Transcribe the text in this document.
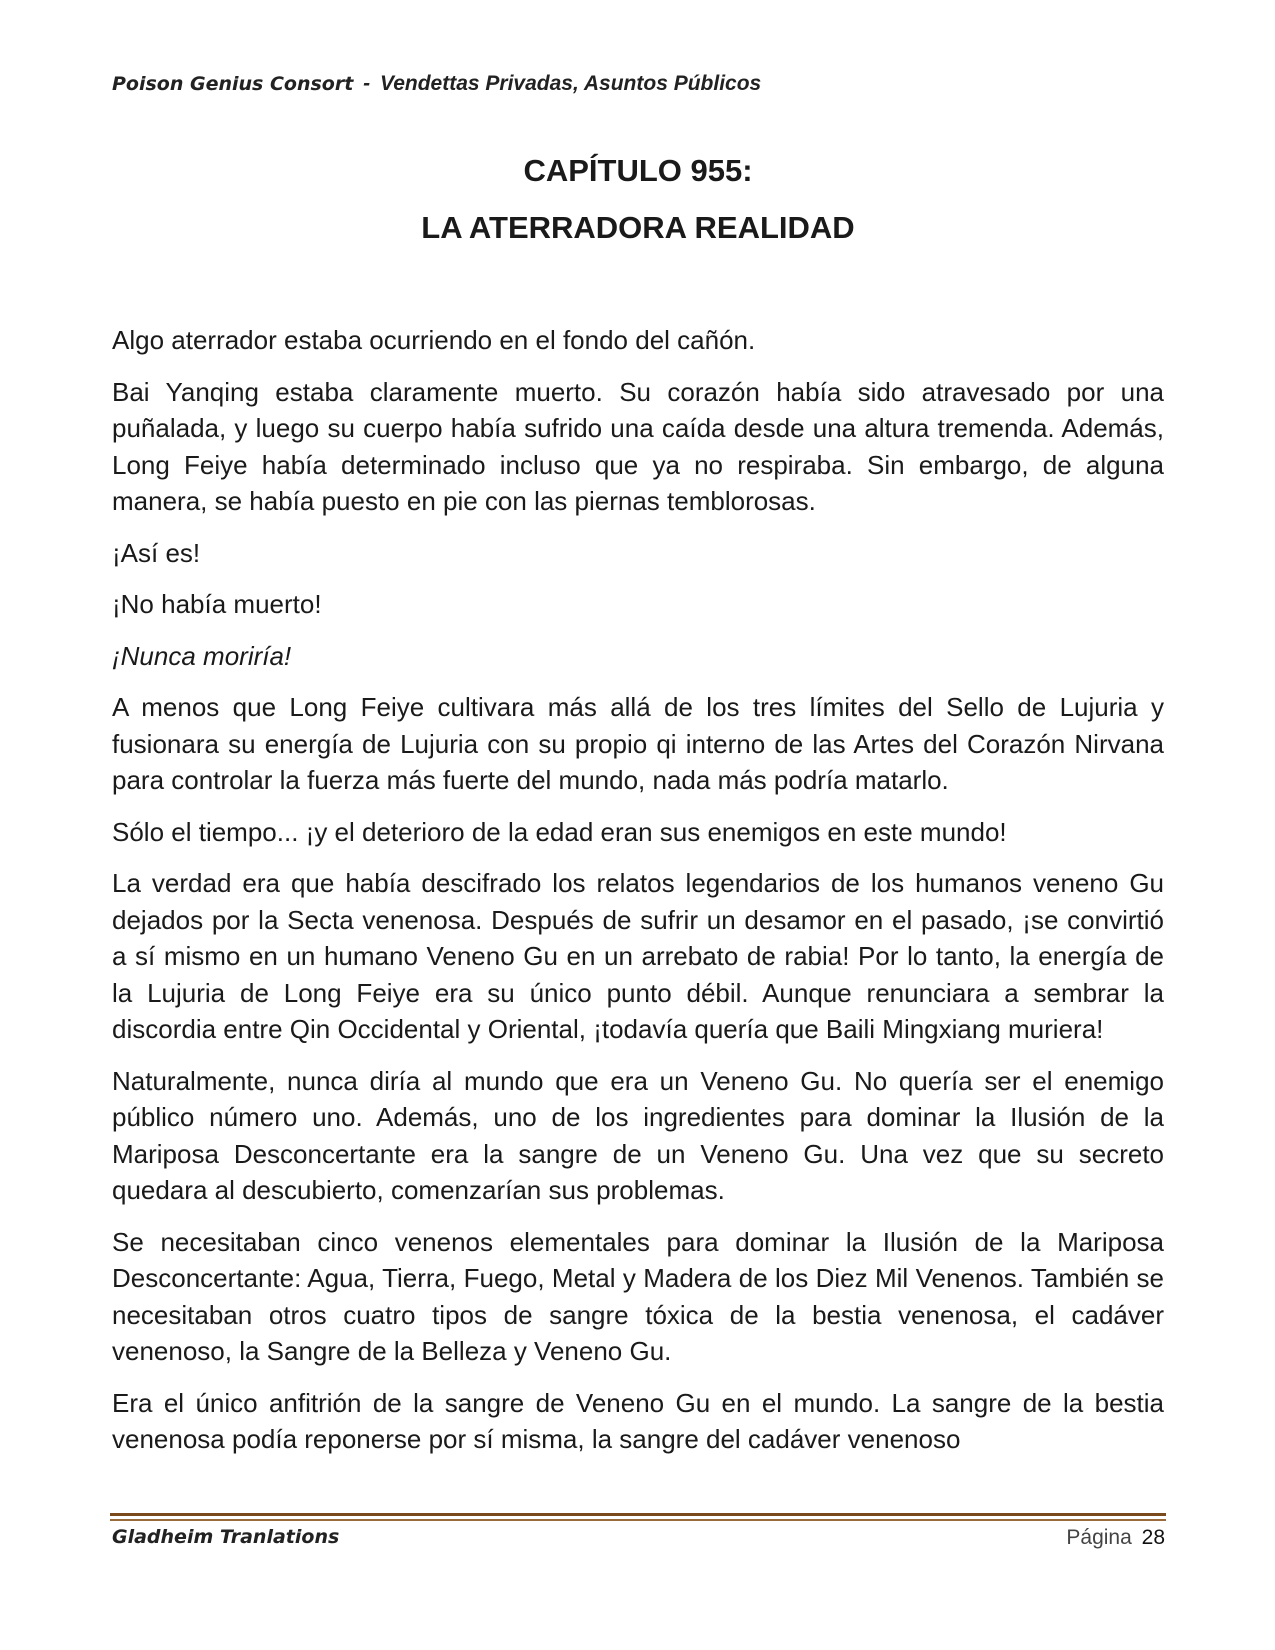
Poison Genius Consort - Vendettas Privadas, Asuntos Públicos
CAPÍTULO 955:
LA ATERRADORA REALIDAD

Algo aterrador estaba ocurriendo en el fondo del cañón.

Bai Yanqing estaba claramente muerto. Su corazón había sido atravesado por una puñalada, y luego su cuerpo había sufrido una caída desde una altura tremenda. Además, Long Feiye había determinado incluso que ya no respiraba. Sin embargo, de alguna manera, se había puesto en pie con las piernas temblorosas.

¡Así es!

¡No había muerto!

¡Nunca moriría!

A menos que Long Feiye cultivara más allá de los tres límites del Sello de Lujuria y fusionara su energía de Lujuria con su propio qi interno de las Artes del Corazón Nirvana para controlar la fuerza más fuerte del mundo, nada más podría matarlo.

Sólo el tiempo... ¡y el deterioro de la edad eran sus enemigos en este mundo!

La verdad era que había descifrado los relatos legendarios de los humanos veneno Gu dejados por la Secta venenosa. Después de sufrir un desamor en el pasado, ¡se convirtió a sí mismo en un humano Veneno Gu en un arrebato de rabia! Por lo tanto, la energía de la Lujuria de Long Feiye era su único punto débil. Aunque renunciara a sembrar la discordia entre Qin Occidental y Oriental, ¡todavía quería que Baili Mingxiang muriera!

Naturalmente, nunca diría al mundo que era un Veneno Gu. No quería ser el enemigo público número uno. Además, uno de los ingredientes para dominar la Ilusión de la Mariposa Desconcertante era la sangre de un Veneno Gu. Una vez que su secreto quedara al descubierto, comenzarían sus problemas.

Se necesitaban cinco venenos elementales para dominar la Ilusión de la Mariposa Desconcertante: Agua, Tierra, Fuego, Metal y Madera de los Diez Mil Venenos. También se necesitaban otros cuatro tipos de sangre tóxica de la bestia venenosa, el cadáver venenoso, la Sangre de la Belleza y Veneno Gu.

Era el único anfitrión de la sangre de Veneno Gu en el mundo. La sangre de la bestia venenosa podía reponerse por sí misma, la sangre del cadáver venenoso

Gladheim Tranlations	Página 28
